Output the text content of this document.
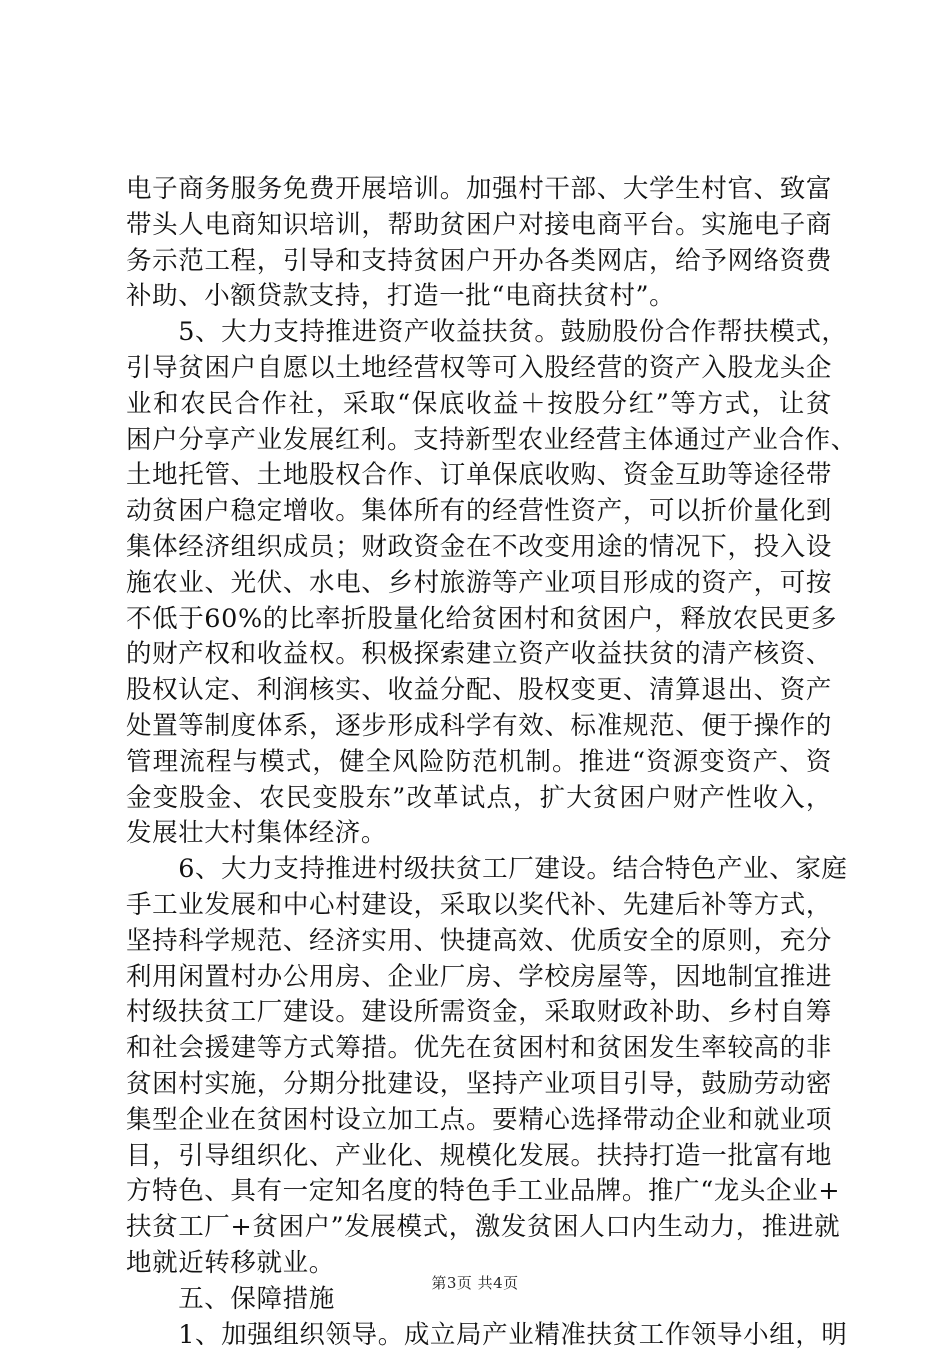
电子商务服务免费开展培训。加强村干部、大学生村官、致富
带头人电商知识培训，帮助贫困户对接电商平台。实施电子商
务示范工程，引导和支持贫困户开办各类网店，给予网络资费
补助、小额贷款支持，打造一批“电商扶贫村”。
　　5、大力支持推进资产收益扶贫。鼓励股份合作帮扶模式，
引导贫困户自愿以土地经营权等可入股经营的资产入股龙头企
业和农民合作社，采取“保底收益＋按股分红”等方式，让贫
困户分享产业发展红利。支持新型农业经营主体通过产业合作、
土地托管、土地股权合作、订单保底收购、资金互助等途径带
动贫困户稳定增收。集体所有的经营性资产，可以折价量化到
集体经济组织成员；财政资金在不改变用途的情况下，投入设
施农业、光伏、水电、乡村旅游等产业项目形成的资产，可按
不低于60%的比率折股量化给贫困村和贫困户，释放农民更多
的财产权和收益权。积极探索建立资产收益扶贫的清产核资、
股权认定、利润核实、收益分配、股权变更、清算退出、资产
处置等制度体系，逐步形成科学有效、标准规范、便于操作的
管理流程与模式，健全风险防范机制。推进“资源变资产、资
金变股金、农民变股东”改革试点，扩大贫困户财产性收入，
发展壮大村集体经济。
　　6、大力支持推进村级扶贫工厂建设。结合特色产业、家庭
手工业发展和中心村建设，采取以奖代补、先建后补等方式，
坚持科学规范、经济实用、快捷高效、优质安全的原则，充分
利用闲置村办公用房、企业厂房、学校房屋等，因地制宜推进
村级扶贫工厂建设。建设所需资金，采取财政补助、乡村自筹
和社会援建等方式筹措。优先在贫困村和贫困发生率较高的非
贫困村实施，分期分批建设，坚持产业项目引导，鼓励劳动密
集型企业在贫困村设立加工点。要精心选择带动企业和就业项
目，引导组织化、产业化、规模化发展。扶持打造一批富有地
方特色、具有一定知名度的特色手工业品牌。推广“龙头企业+
扶贫工厂+贫困户”发展模式，激发贫困人口内生动力，推进就
地就近转移就业。
　　五、保障措施
　　1、加强组织领导。成立局产业精准扶贫工作领导小组，明
第3页 共4页
